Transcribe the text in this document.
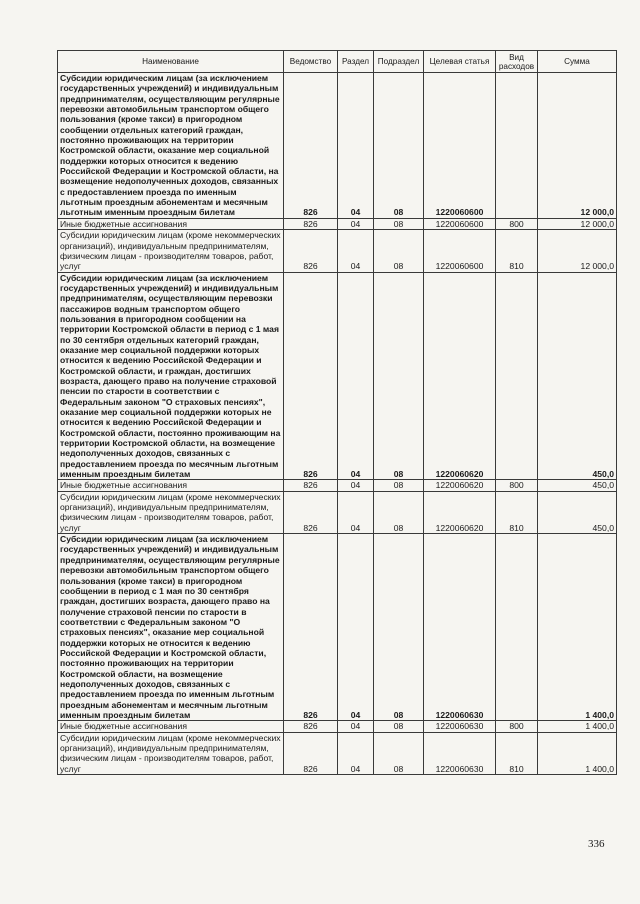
Наименование	Ведомство	Раздел	Подраздел	Целевая статья	Вид расходов	Сумма
Субсидии юридическим лицам (за исключением государственных учреждений) и индивидуальным предпринимателям, осуществляющим регулярные перевозки автомобильным транспортом общего пользования (кроме такси) в пригородном сообщении отдельных категорий граждан, постоянно проживающих на территории Костромской области, оказание мер социальной поддержки которых относится к ведению Российской Федерации и Костромской области, на возмещение недополученных доходов, связанных с предоставлением проезда по именным льготным проездным абонементам и месячным льготным именным проездным билетам	826	04	08	1220060600		12 000,0
Иные бюджетные ассигнования	826	04	08	1220060600	800	12 000,0
Субсидии юридическим лицам (кроме некоммерческих организаций), индивидуальным предпринимателям, физическим лицам - производителям товаров, работ, услуг	826	04	08	1220060600	810	12 000,0
Субсидии юридическим лицам (за исключением государственных учреждений) и индивидуальным предпринимателям, осуществляющим перевозки пассажиров водным транспортом общего пользования в пригородном сообщении на территории Костромской области в период с 1 мая по 30 сентября отдельных категорий граждан, оказание мер социальной поддержки которых относится к ведению Российской Федерации и Костромской области, и граждан, достигших возраста, дающего право на получение страховой пенсии по старости в соответствии с Федеральным законом "О страховых пенсиях", оказание мер социальной поддержки которых не относится к ведению Российской Федерации и Костромской области, постоянно проживающим на территории Костромской области, на возмещение недополученных доходов, связанных с предоставлением проезда по месячным льготным именным проездным билетам	826	04	08	1220060620		450,0
Иные бюджетные ассигнования	826	04	08	1220060620	800	450,0
Субсидии юридическим лицам (кроме некоммерческих организаций), индивидуальным предпринимателям, физическим лицам - производителям товаров, работ, услуг	826	04	08	1220060620	810	450,0
Субсидии юридическим лицам (за исключением государственных учреждений) и индивидуальным предпринимателям, осуществляющим регулярные перевозки автомобильным транспортом общего пользования (кроме такси) в пригородном сообщении в период с 1 мая по 30 сентября граждан, достигших возраста, дающего право на получение страховой пенсии по старости в соответствии с Федеральным законом "О страховых пенсиях", оказание мер социальной поддержки которых не относится к ведению Российской Федерации и Костромской области, постоянно проживающих на территории Костромской области, на возмещение недополученных доходов, связанных с предоставлением проезда по именным льготным проездным абонементам и месячным льготным именным проездным билетам	826	04	08	1220060630		1 400,0
Иные бюджетные ассигнования	826	04	08	1220060630	800	1 400,0
Субсидии юридическим лицам (кроме некоммерческих организаций), индивидуальным предпринимателям, физическим лицам - производителям товаров, работ, услуг	826	04	08	1220060630	810	1 400,0
336
